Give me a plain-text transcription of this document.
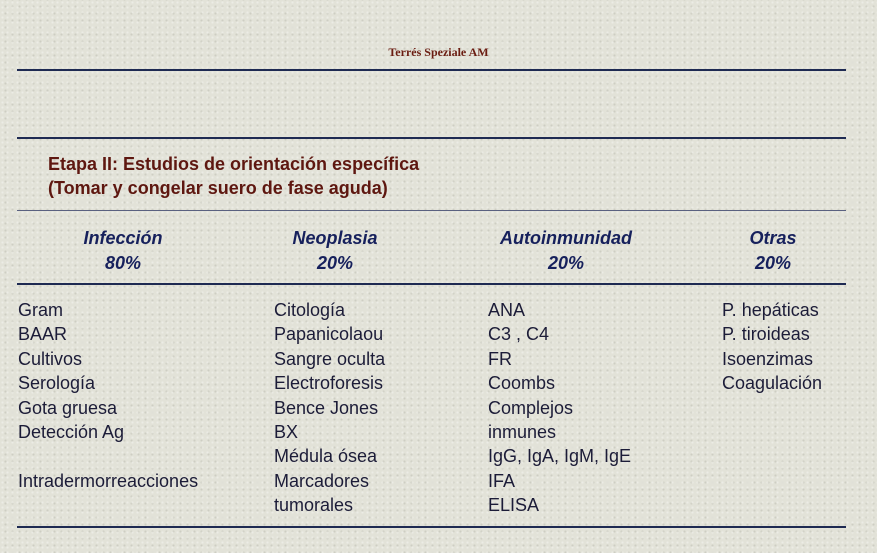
Terrés Speziale AM
Etapa II: Estudios de orientación específica
(Tomar y congelar suero de fase aguda)
Infección
80%
Neoplasia
20%
Autoinmunidad
20%
Otras
20%
Gram
BAAR
Cultivos
Serología
Gota gruesa
Detección Ag
Intradermorreacciones
Citología
Papanicolaou
Sangre oculta
Electroforesis
Bence Jones
BX
Médula ósea
Marcadores
tumorales
ANA
C3 , C4
FR
Coombs
Complejos
inmunes
IgG, IgA, IgM, IgE
IFA
ELISA
P. hepáticas
P. tiroideas
Isoenzimas
Coagulación
